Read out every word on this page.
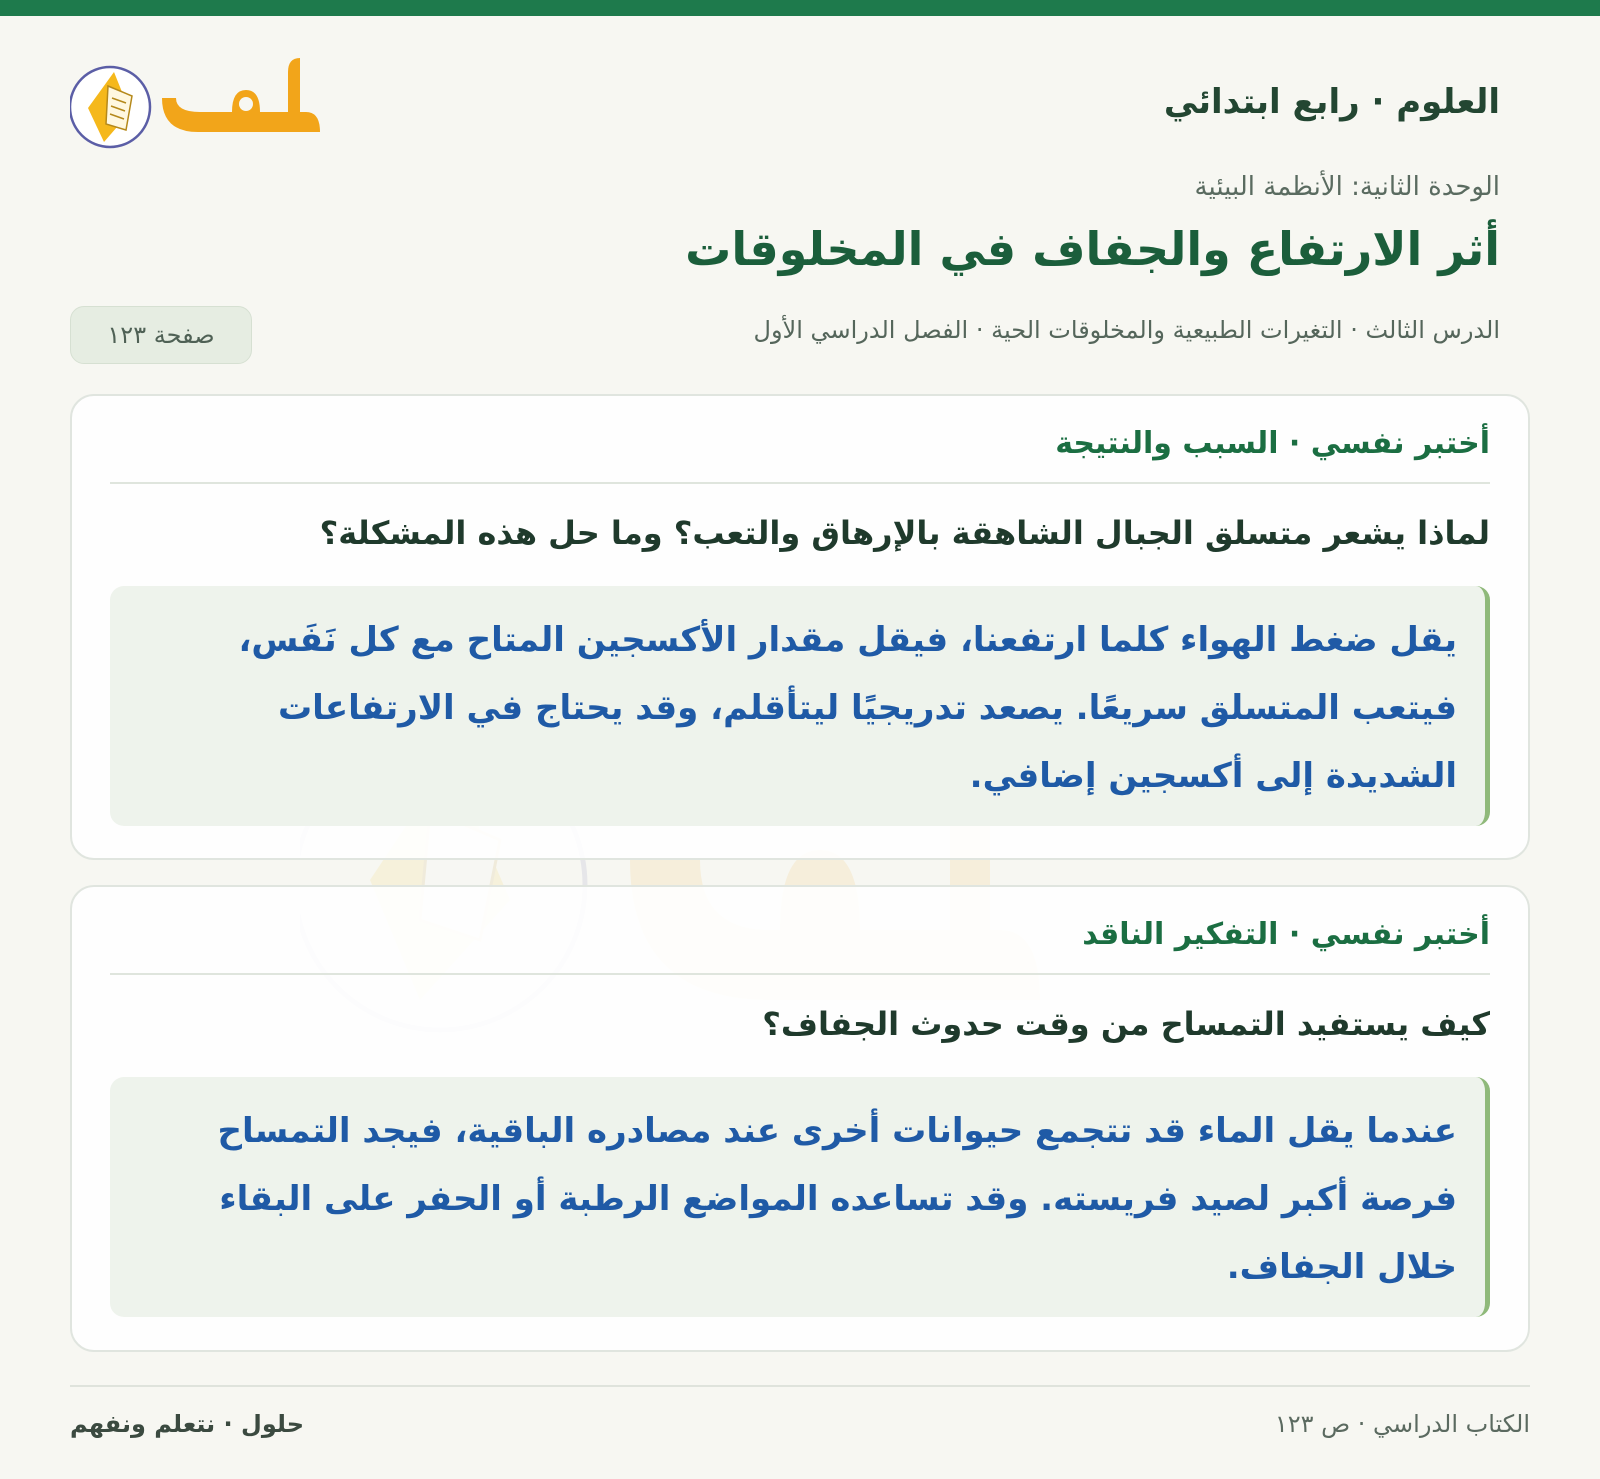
العلوم · رابع ابتدائي
الوحدة الثانية: الأنظمة البيئية
أثر الارتفاع والجفاف في المخلوقات
الدرس الثالث · التغيرات الطبيعية والمخلوقات الحية · الفصل الدراسي الأول
صفحة ١٢٣
أختبر نفسي · السبب والنتيجة
لماذا يشعر متسلق الجبال الشاهقة بالإرهاق والتعب؟ وما حل هذه المشكلة؟
يقل ضغط الهواء كلما ارتفعنا، فيقل مقدار الأكسجين المتاح مع كل نَفَس، فيتعب المتسلق سريعًا. يصعد تدريجيًا ليتأقلم، وقد يحتاج في الارتفاعات الشديدة إلى أكسجين إضافي.
أختبر نفسي · التفكير الناقد
كيف يستفيد التمساح من وقت حدوث الجفاف؟
عندما يقل الماء قد تتجمع حيوانات أخرى عند مصادره الباقية، فيجد التمساح فرصة أكبر لصيد فريسته. وقد تساعده المواضع الرطبة أو الحفر على البقاء خلال الجفاف.
الكتاب الدراسي · ص ١٢٣
حلول · نتعلم ونفهم
